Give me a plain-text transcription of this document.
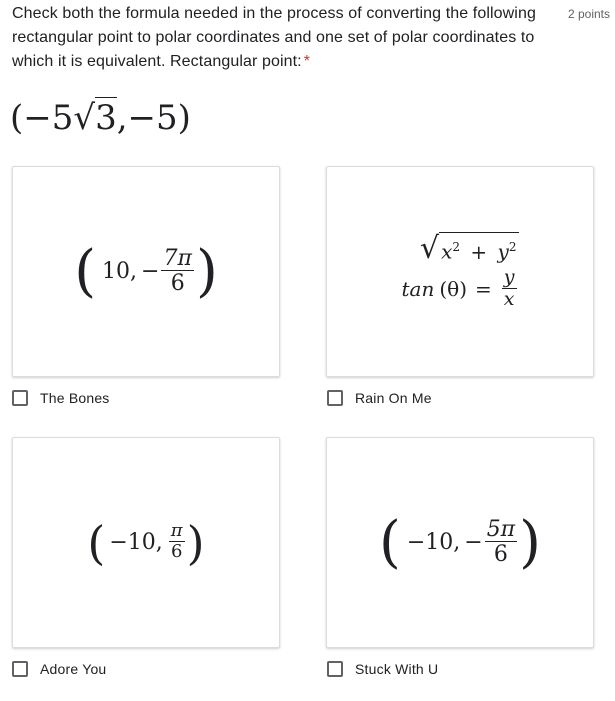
Check both the formula needed in the process of converting the following rectangular point to polar coordinates and one set of polar coordinates to which it is equivalent. Rectangular point: *
2 points
(−5√3,−5)
( 10, − $\frac{7\pi}{6}$ )
The Bones
√ $x^2 + y^2$
$\tan (\theta) = \frac{y}{x}$
Rain On Me
( −10, $\frac{\pi}{6}$ )
Adore You
( −10, − $\frac{5\pi}{6}$ )
Stuck With U
